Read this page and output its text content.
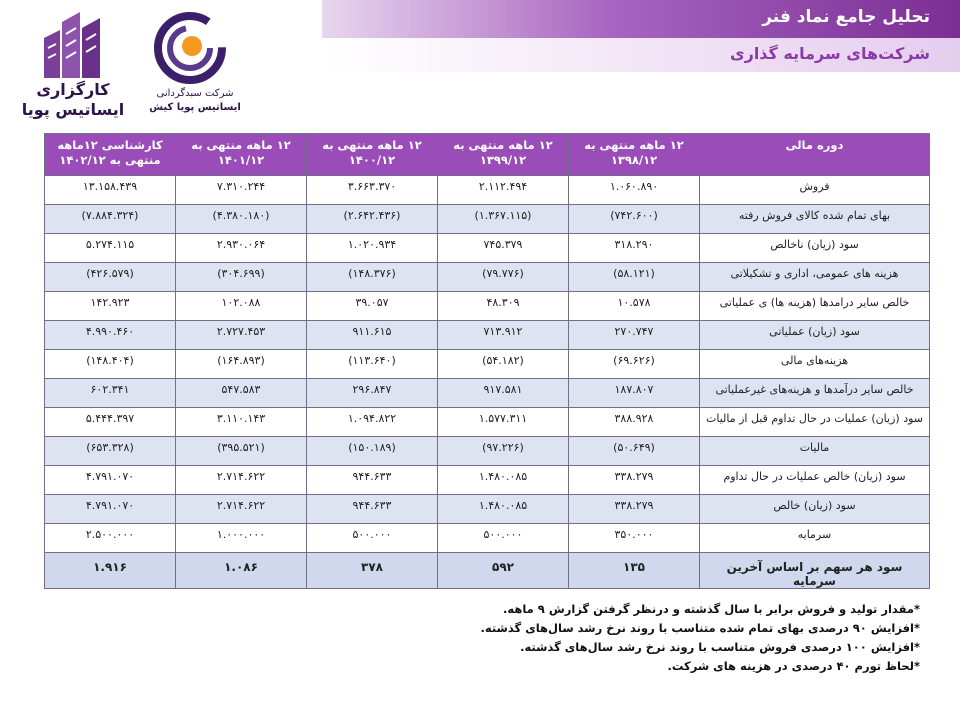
تحلیل جامع نماد فنر
شرکت‌های سرمایه گذاری
کارگزاری
ایساتیس پویا
شرکت سبدگردانی
ایساتیس پویا کیش
دوره مالی	۱۲ ماهه منتهی به ۱۳۹۸/۱۲	۱۲ ماهه منتهی به ۱۳۹۹/۱۲	۱۲ ماهه منتهی به ۱۴۰۰/۱۲	۱۲ ماهه منتهی به ۱۴۰۱/۱۲	کارشناسی ۱۲ماهه منتهی به ۱۴۰۲/۱۲
فروش	۱.۰۶۰.۸۹۰	۲.۱۱۲.۴۹۴	۳.۶۶۳.۳۷۰	۷.۳۱۰.۲۴۴	۱۳.۱۵۸.۴۳۹
بهای تمام شده کالای فروش رفته	(۷۴۲.۶۰۰)	(۱.۳۶۷.۱۱۵)	(۲.۶۴۲.۴۳۶)	(۴.۳۸۰.۱۸۰)	(۷.۸۸۴.۳۲۴)
سود (زیان) ناخالص	۳۱۸.۲۹۰	۷۴۵.۳۷۹	۱.۰۲۰.۹۳۴	۲.۹۳۰.۰۶۴	۵.۲۷۴.۱۱۵
هزینه های عمومی، اداری و تشکیلاتی	(۵۸.۱۲۱)	(۷۹.۷۷۶)	(۱۴۸.۳۷۶)	(۳۰۴.۶۹۹)	(۴۲۶.۵۷۹)
خالص سایر درامدها (هزینه ها) ی عملیاتی	۱۰.۵۷۸	۴۸.۳۰۹	۳۹.۰۵۷	۱۰۲.۰۸۸	۱۴۲.۹۲۳
سود (زیان) عملیاتی	۲۷۰.۷۴۷	۷۱۳.۹۱۲	۹۱۱.۶۱۵	۲.۷۲۷.۴۵۳	۴.۹۹۰.۴۶۰
هزینه‌های مالی	(۶۹.۶۲۶)	(۵۴.۱۸۲)	(۱۱۳.۶۴۰)	(۱۶۴.۸۹۳)	(۱۴۸.۴۰۴)
خالص سایر درآمدها و هزینه‌های غیرعملیاتی	۱۸۷.۸۰۷	۹۱۷.۵۸۱	۲۹۶.۸۴۷	۵۴۷.۵۸۳	۶۰۲.۳۴۱
سود (زیان) عملیات در حال تداوم قبل از مالیات	۳۸۸.۹۲۸	۱.۵۷۷.۳۱۱	۱.۰۹۴.۸۲۲	۳.۱۱۰.۱۴۳	۵.۴۴۴.۳۹۷
مالیات	(۵۰.۶۴۹)	(۹۷.۲۲۶)	(۱۵۰.۱۸۹)	(۳۹۵.۵۲۱)	(۶۵۳.۳۲۸)
سود (زیان) خالص عملیات در حال تداوم	۳۳۸.۲۷۹	۱.۴۸۰.۰۸۵	۹۴۴.۶۳۳	۲.۷۱۴.۶۲۲	۴.۷۹۱.۰۷۰
سود (زیان) خالص	۳۳۸.۲۷۹	۱.۴۸۰.۰۸۵	۹۴۴.۶۳۳	۲.۷۱۴.۶۲۲	۴.۷۹۱.۰۷۰
سرمایه	۳۵۰.۰۰۰	۵۰۰.۰۰۰	۵۰۰.۰۰۰	۱.۰۰۰.۰۰۰	۲.۵۰۰.۰۰۰
سود هر سهم بر اساس آخرین سرمایه	۱۳۵	۵۹۲	۳۷۸	۱.۰۸۶	۱.۹۱۶
*مقدار تولید و فروش برابر با سال گذشته و درنظر گرفتن گزارش ۹ ماهه.
*افزایش ۹۰ درصدی بهای تمام شده متناسب با روند نرخ رشد سال‌های گذشته.
*افزایش ۱۰۰ درصدی فروش متناسب با روند نرخ رشد سال‌های گذشته.
*لحاظ تورم ۴۰ درصدی در هزینه های شرکت.
